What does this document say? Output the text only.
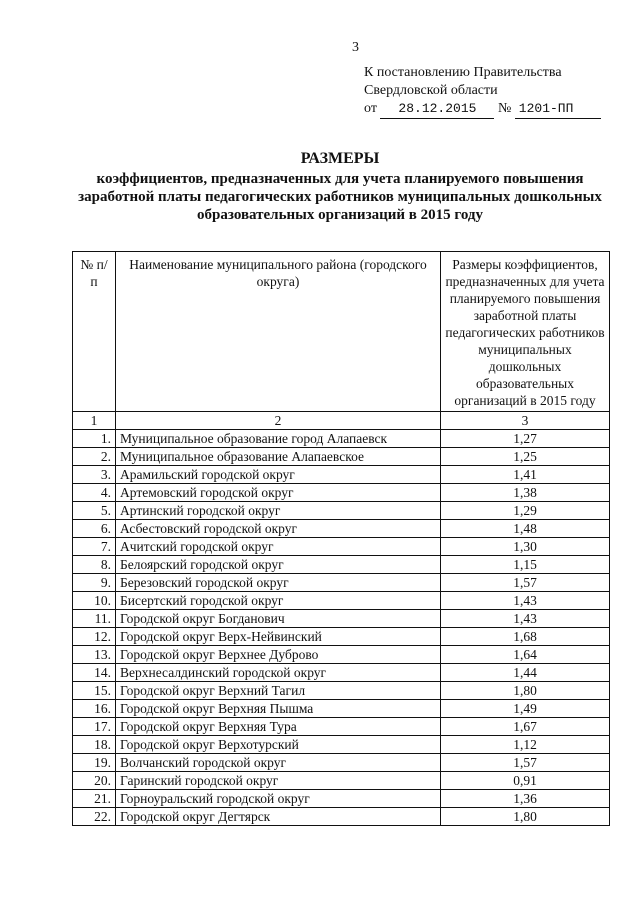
3
К постановлению Правительства
Свердловской области
от 28.12.2015 № 1201-ПП
РАЗМЕРЫ
коэффициентов, предназначенных для учета планируемого повышения
заработной платы педагогических работников муниципальных дошкольных
образовательных организаций в 2015 году
№ п/п	Наименование муниципального района (городского округа)	Размеры коэффициентов, предназначенных для учета планируемого повышения заработной платы педагогических работников муниципальных дошкольных образовательных организаций в 2015 году
1	2	3
1.	Муниципальное образование город Алапаевск	1,27
2.	Муниципальное образование Алапаевское	1,25
3.	Арамильский городской округ	1,41
4.	Артемовский городской округ	1,38
5.	Артинский городской округ	1,29
6.	Асбестовский городской округ	1,48
7.	Ачитский городской округ	1,30
8.	Белоярский городской округ	1,15
9.	Березовский городской округ	1,57
10.	Бисертский городской округ	1,43
11.	Городской округ Богданович	1,43
12.	Городской округ Верх-Нейвинский	1,68
13.	Городской округ Верхнее Дуброво	1,64
14.	Верхнесалдинский городской округ	1,44
15.	Городской округ Верхний Тагил	1,80
16.	Городской округ Верхняя Пышма	1,49
17.	Городской округ Верхняя Тура	1,67
18.	Городской округ Верхотурский	1,12
19.	Волчанский городской округ	1,57
20.	Гаринский городской округ	0,91
21.	Горноуральский городской округ	1,36
22.	Городской округ Дегтярск	1,80
